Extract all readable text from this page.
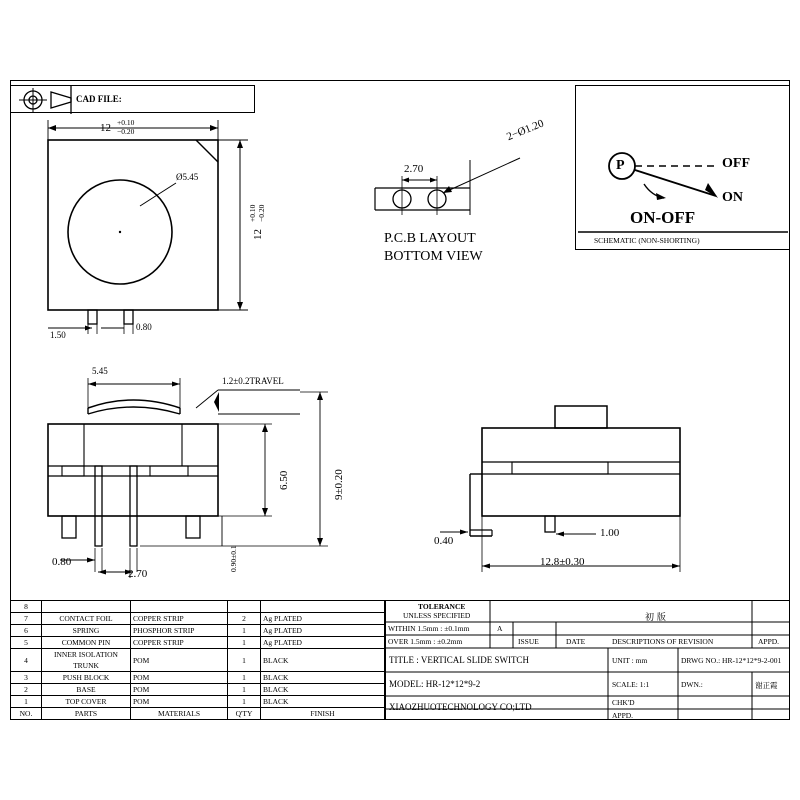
CAD FILE:
12 +0.10
−0.20
12
+0.10 −0.20
Ø5.45
1.50
0.80
2.70
2−Ø1.20
P.C.B LAYOUT
BOTTOM VIEW
P	OFF
ON
ON-OFF
SCHEMATIC (NON-SHORTING)
5.45
1.2±0.2TRAVEL
6.50	9±0.20
0.90±0.1
0.80
2.70
0.40
1.00
12.8±0.30
8				
7	CONTACT FOIL	COPPER STRIP	2	Ag PLATED
6	SPRING	PHOSPHOR STRIP	1	Ag PLATED
5	COMMON PIN	COPPER STRIP	1	Ag PLATED
4	INNER ISOLATION TRUNK	POM	1	BLACK
3	PUSH BLOCK	POM	1	BLACK
2	BASE	POM	1	BLACK
1	TOP COVER	POM	1	BLACK
NO.	PARTS	MATERIALS	Q'TY	FINISH
TOLERANCE
UNLESS SPECIFIED
WITHIN 1.5mm : ±0.1mm
OVER 1.5mm : ±0.2mm
A
ISSUE	DATE	DESCRIPTIONS OF REVISION	APPD.
初 版
TITLE : VERTICAL SLIDE SWITCH	UNIT : mm	DRWG NO.: HR-12*12*9-2-001
MODEL: HR-12*12*9-2	SCALE: 1:1	DWN.:	谢正霞
XIAOZHUOTECHNOLOGY CO;LTD	CHK'D
APPD.
